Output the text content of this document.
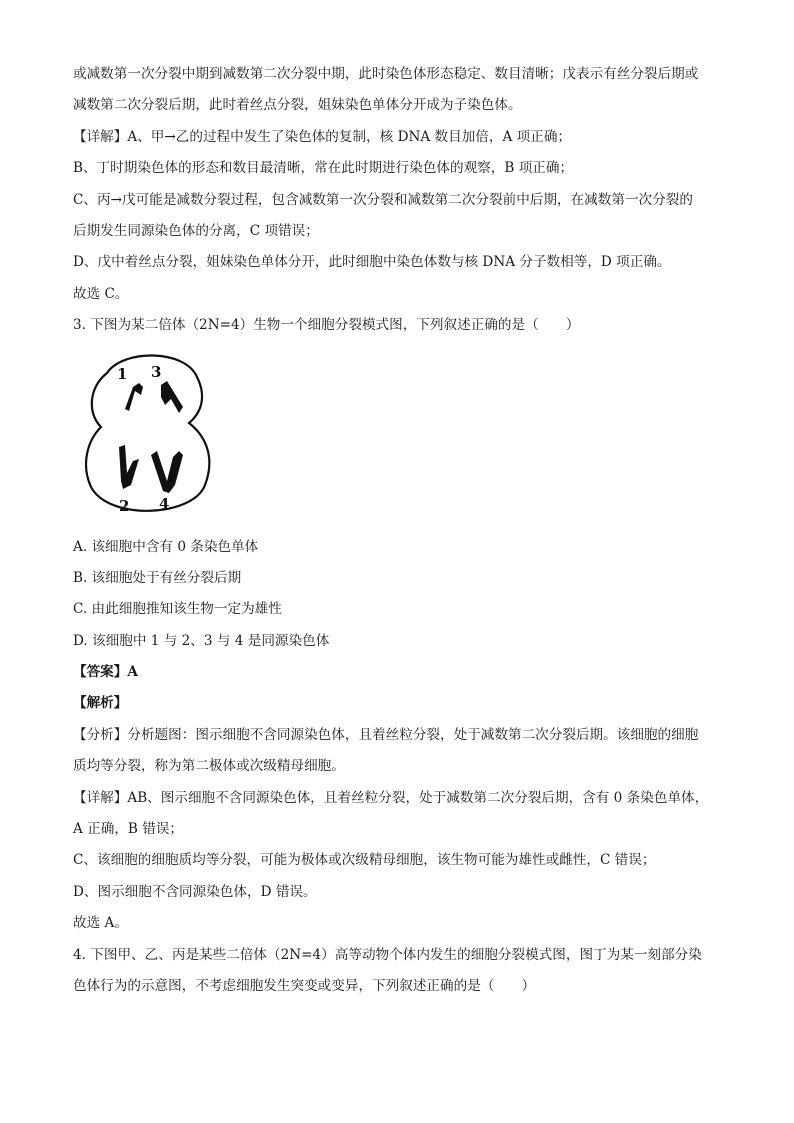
或减数第一次分裂中期到减数第二次分裂中期，此时染色体形态稳定、数目清晰；戊表示有丝分裂后期或
减数第二次分裂后期，此时着丝点分裂，姐妹染色单体分开成为子染色体。
【详解】A、甲→乙的过程中发生了染色体的复制，核 DNA 数目加倍，A 项正确；
B、丁时期染色体的形态和数目最清晰，常在此时期进行染色体的观察，B 项正确；
C、丙→戊可能是减数分裂过程，包含减数第一次分裂和减数第二次分裂前中后期，在减数第一次分裂的
后期发生同源染色体的分离，C 项错误；
D、戊中着丝点分裂，姐妹染色单体分开，此时细胞中染色体数与核 DNA 分子数相等，D 项正确。
故选 C。
3. 下图为某二倍体（2N=4）生物一个细胞分裂模式图，下列叙述正确的是（　　）
1 3
2 4
A. 该细胞中含有 0 条染色单体
B. 该细胞处于有丝分裂后期
C. 由此细胞推知该生物一定为雄性
D. 该细胞中 1 与 2、3 与 4 是同源染色体
【答案】A
【解析】
【分析】分析题图：图示细胞不含同源染色体，且着丝粒分裂，处于减数第二次分裂后期。该细胞的细胞
质均等分裂，称为第二极体或次级精母细胞。
【详解】AB、图示细胞不含同源染色体，且着丝粒分裂，处于减数第二次分裂后期，含有 0 条染色单体，
A 正确，B 错误；
C、该细胞的细胞质均等分裂，可能为极体或次级精母细胞，该生物可能为雄性或雌性，C 错误；
D、图示细胞不含同源染色体，D 错误。
故选 A。
4. 下图甲、乙、丙是某些二倍体（2N=4）高等动物个体内发生的细胞分裂模式图，图丁为某一刻部分染
色体行为的示意图，不考虑细胞发生突变或变异，下列叙述正确的是（　　）
